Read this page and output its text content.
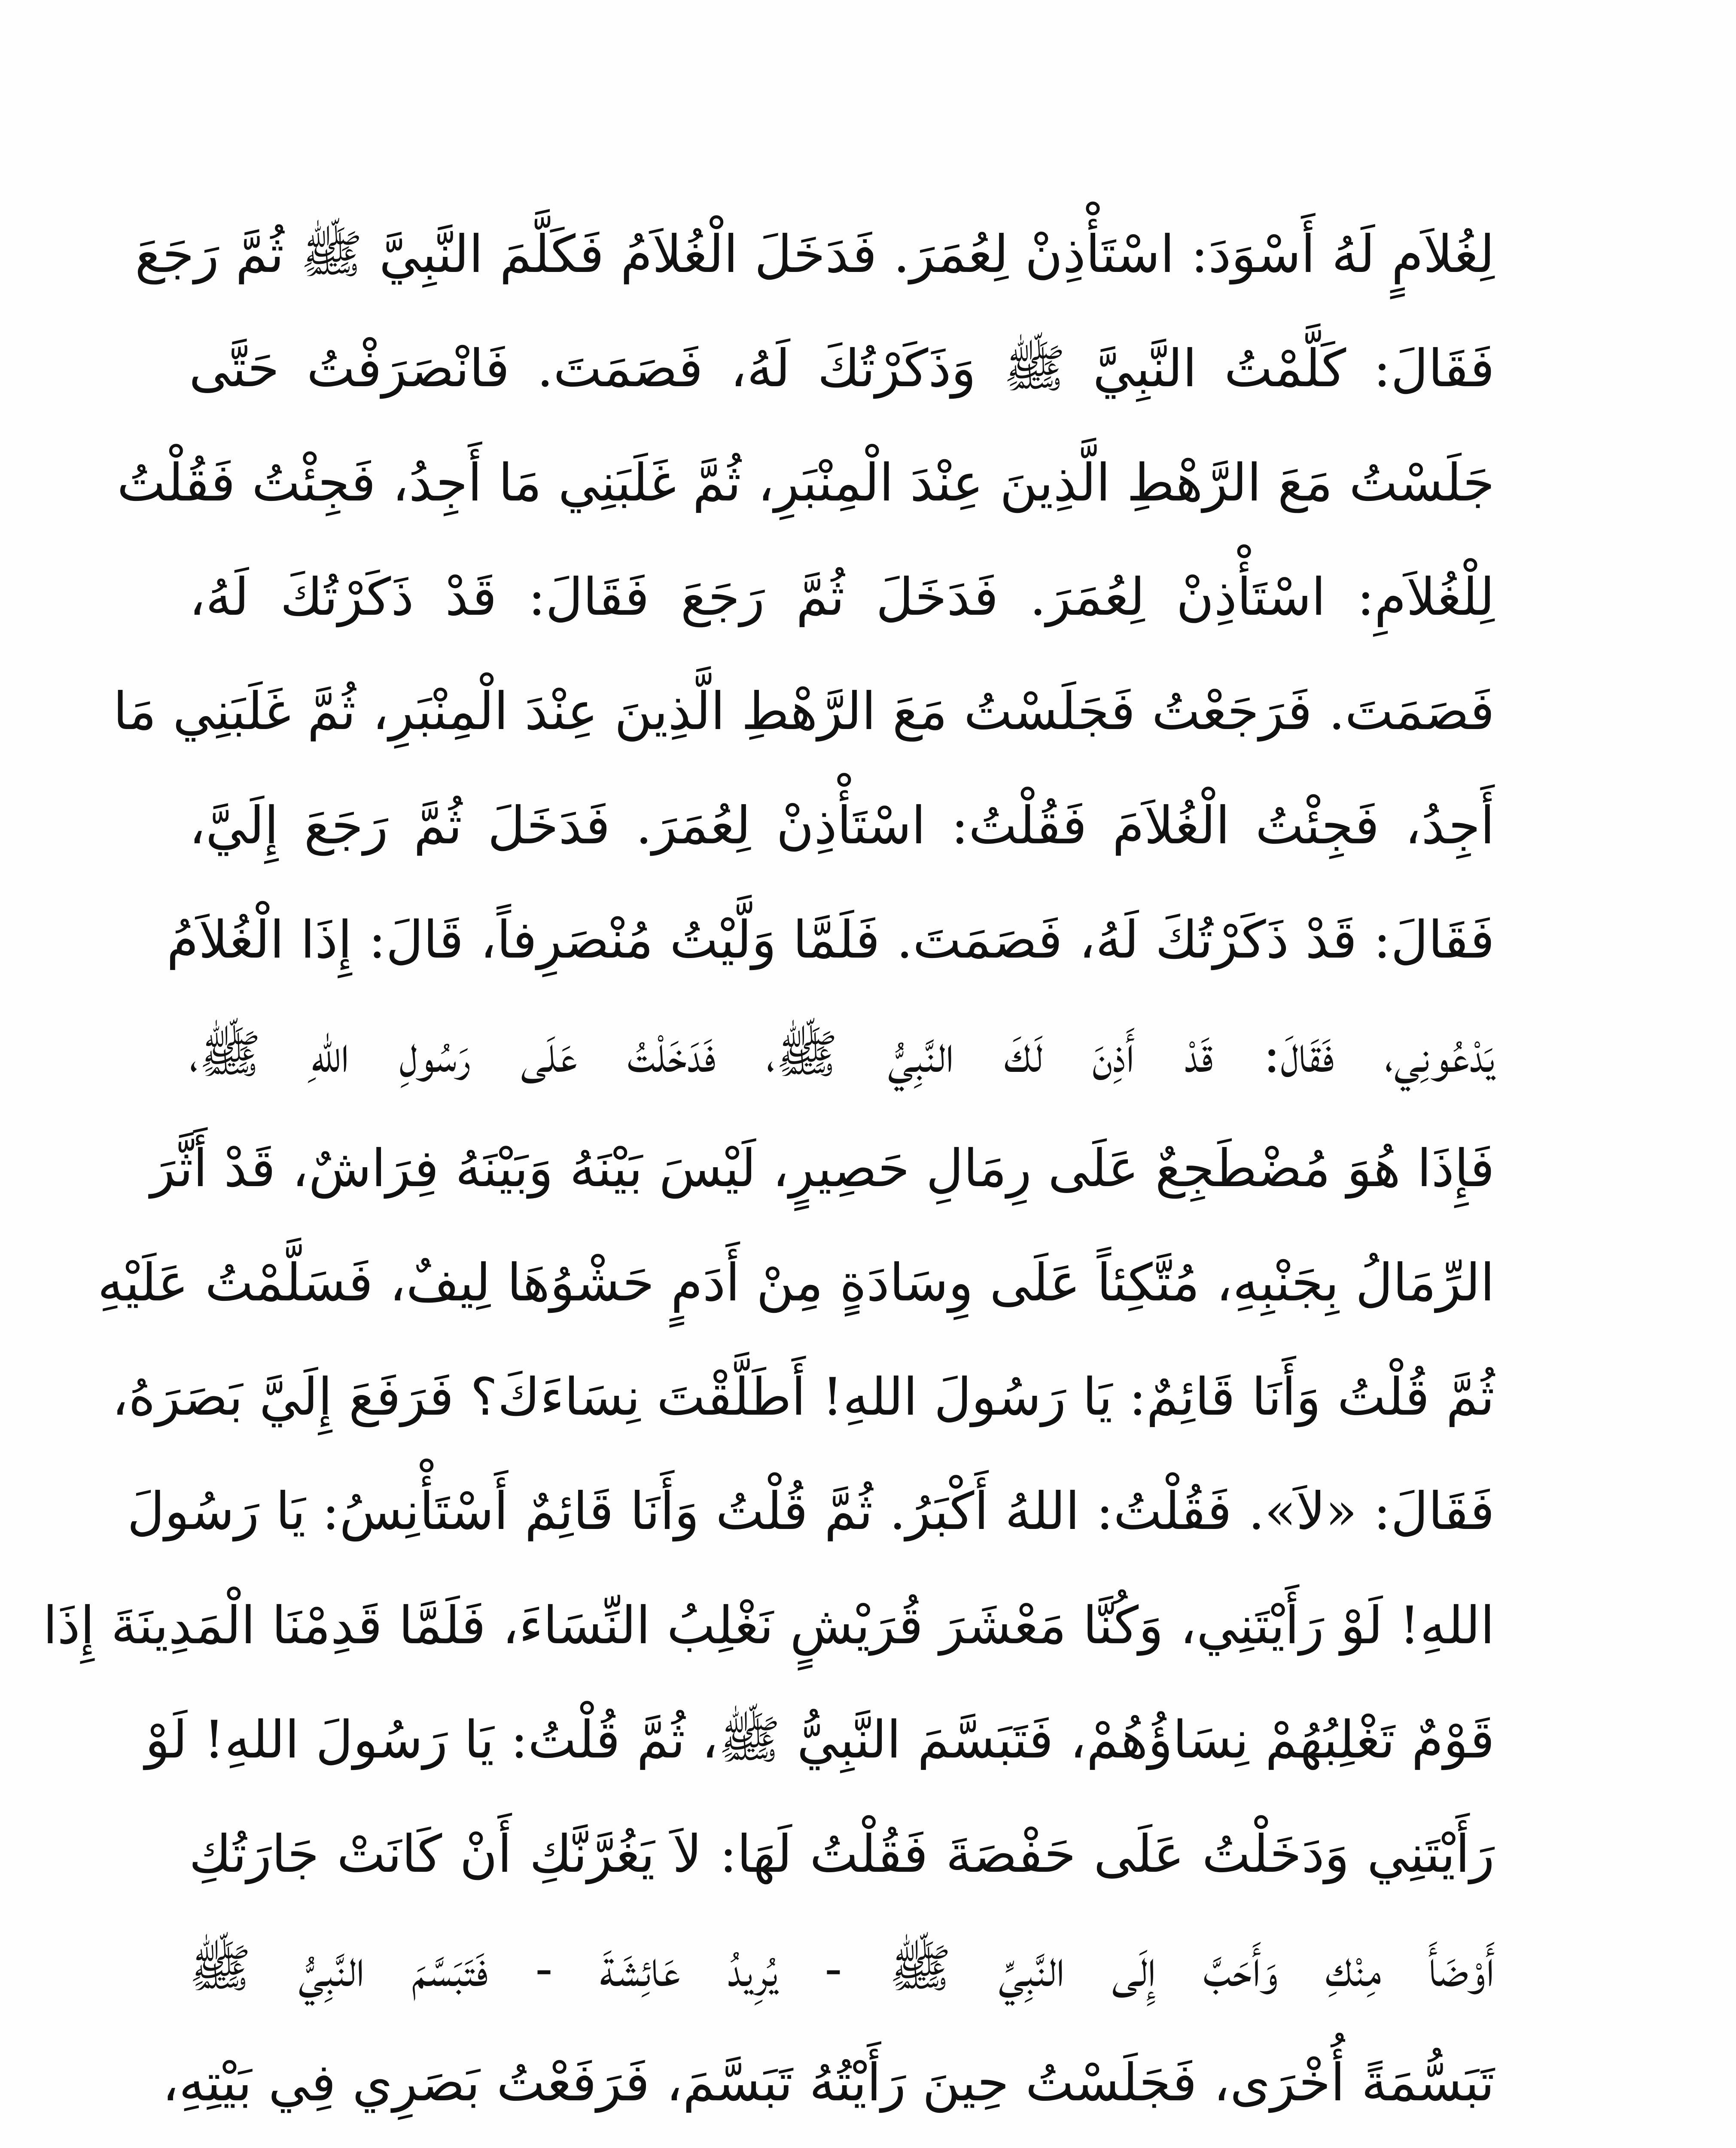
لِغُلاَمٍ لَهُ أَسْوَدَ: اسْتَأْذِنْ لِعُمَرَ. فَدَخَلَ الْغُلاَمُ فَكَلَّمَ النَّبِيَّ ﷺ ثُمَّ رَجَعَ
فَقَالَ: كَلَّمْتُ النَّبِيَّ ﷺ وَذَكَرْتُكَ لَهُ، فَصَمَتَ. فَانْصَرَفْتُ حَتَّى
جَلَسْتُ مَعَ الرَّهْطِ الَّذِينَ عِنْدَ الْمِنْبَرِ، ثُمَّ غَلَبَنِي مَا أَجِدُ، فَجِئْتُ فَقُلْتُ
لِلْغُلاَمِ: اسْتَأْذِنْ لِعُمَرَ. فَدَخَلَ ثُمَّ رَجَعَ فَقَالَ: قَدْ ذَكَرْتُكَ لَهُ،
فَصَمَتَ. فَرَجَعْتُ فَجَلَسْتُ مَعَ الرَّهْطِ الَّذِينَ عِنْدَ الْمِنْبَرِ، ثُمَّ غَلَبَنِي مَا
أَجِدُ، فَجِئْتُ الْغُلاَمَ فَقُلْتُ: اسْتَأْذِنْ لِعُمَرَ. فَدَخَلَ ثُمَّ رَجَعَ إِلَيَّ،
فَقَالَ: قَدْ ذَكَرْتُكَ لَهُ، فَصَمَتَ. فَلَمَّا وَلَّيْتُ مُنْصَرِفاً، قَالَ: إِذَا الْغُلاَمُ
يَدْعُونِي، فَقَالَ: قَدْ أَذِنَ لَكَ النَّبِيُّ ﷺ، فَدَخَلْتُ عَلَى رَسُولِ اللهِ ﷺ،
فَإِذَا هُوَ مُضْطَجِعٌ عَلَى رِمَالِ حَصِيرٍ، لَيْسَ بَيْنَهُ وَبَيْنَهُ فِرَاشٌ، قَدْ أَثَّرَ
الرِّمَالُ بِجَنْبِهِ، مُتَّكِئاً عَلَى وِسَادَةٍ مِنْ أَدَمٍ حَشْوُهَا لِيفٌ، فَسَلَّمْتُ عَلَيْهِ
ثُمَّ قُلْتُ وَأَنَا قَائِمٌ: يَا رَسُولَ اللهِ! أَطَلَّقْتَ نِسَاءَكَ؟ فَرَفَعَ إِلَيَّ بَصَرَهُ،
فَقَالَ: «لاَ». فَقُلْتُ: اللهُ أَكْبَرُ. ثُمَّ قُلْتُ وَأَنَا قَائِمٌ أَسْتَأْنِسُ: يَا رَسُولَ
اللهِ! لَوْ رَأَيْتَنِي، وَكُنَّا مَعْشَرَ قُرَيْشٍ نَغْلِبُ النِّسَاءَ، فَلَمَّا قَدِمْنَا الْمَدِينَةَ إِذَا
قَوْمٌ تَغْلِبُهُمْ نِسَاؤُهُمْ، فَتَبَسَّمَ النَّبِيُّ ﷺ، ثُمَّ قُلْتُ: يَا رَسُولَ اللهِ! لَوْ
رَأَيْتَنِي وَدَخَلْتُ عَلَى حَفْصَةَ فَقُلْتُ لَهَا: لاَ يَغُرَّنَّكِ أَنْ كَانَتْ جَارَتُكِ
أَوْضَأَ مِنْكِ وَأَحَبَّ إِلَى النَّبِيِّ ﷺ - يُرِيدُ عَائِشَةَ - فَتَبَسَّمَ النَّبِيُّ ﷺ
تَبَسُّمَةً أُخْرَى، فَجَلَسْتُ حِينَ رَأَيْتُهُ تَبَسَّمَ، فَرَفَعْتُ بَصَرِي فِي بَيْتِهِ،
